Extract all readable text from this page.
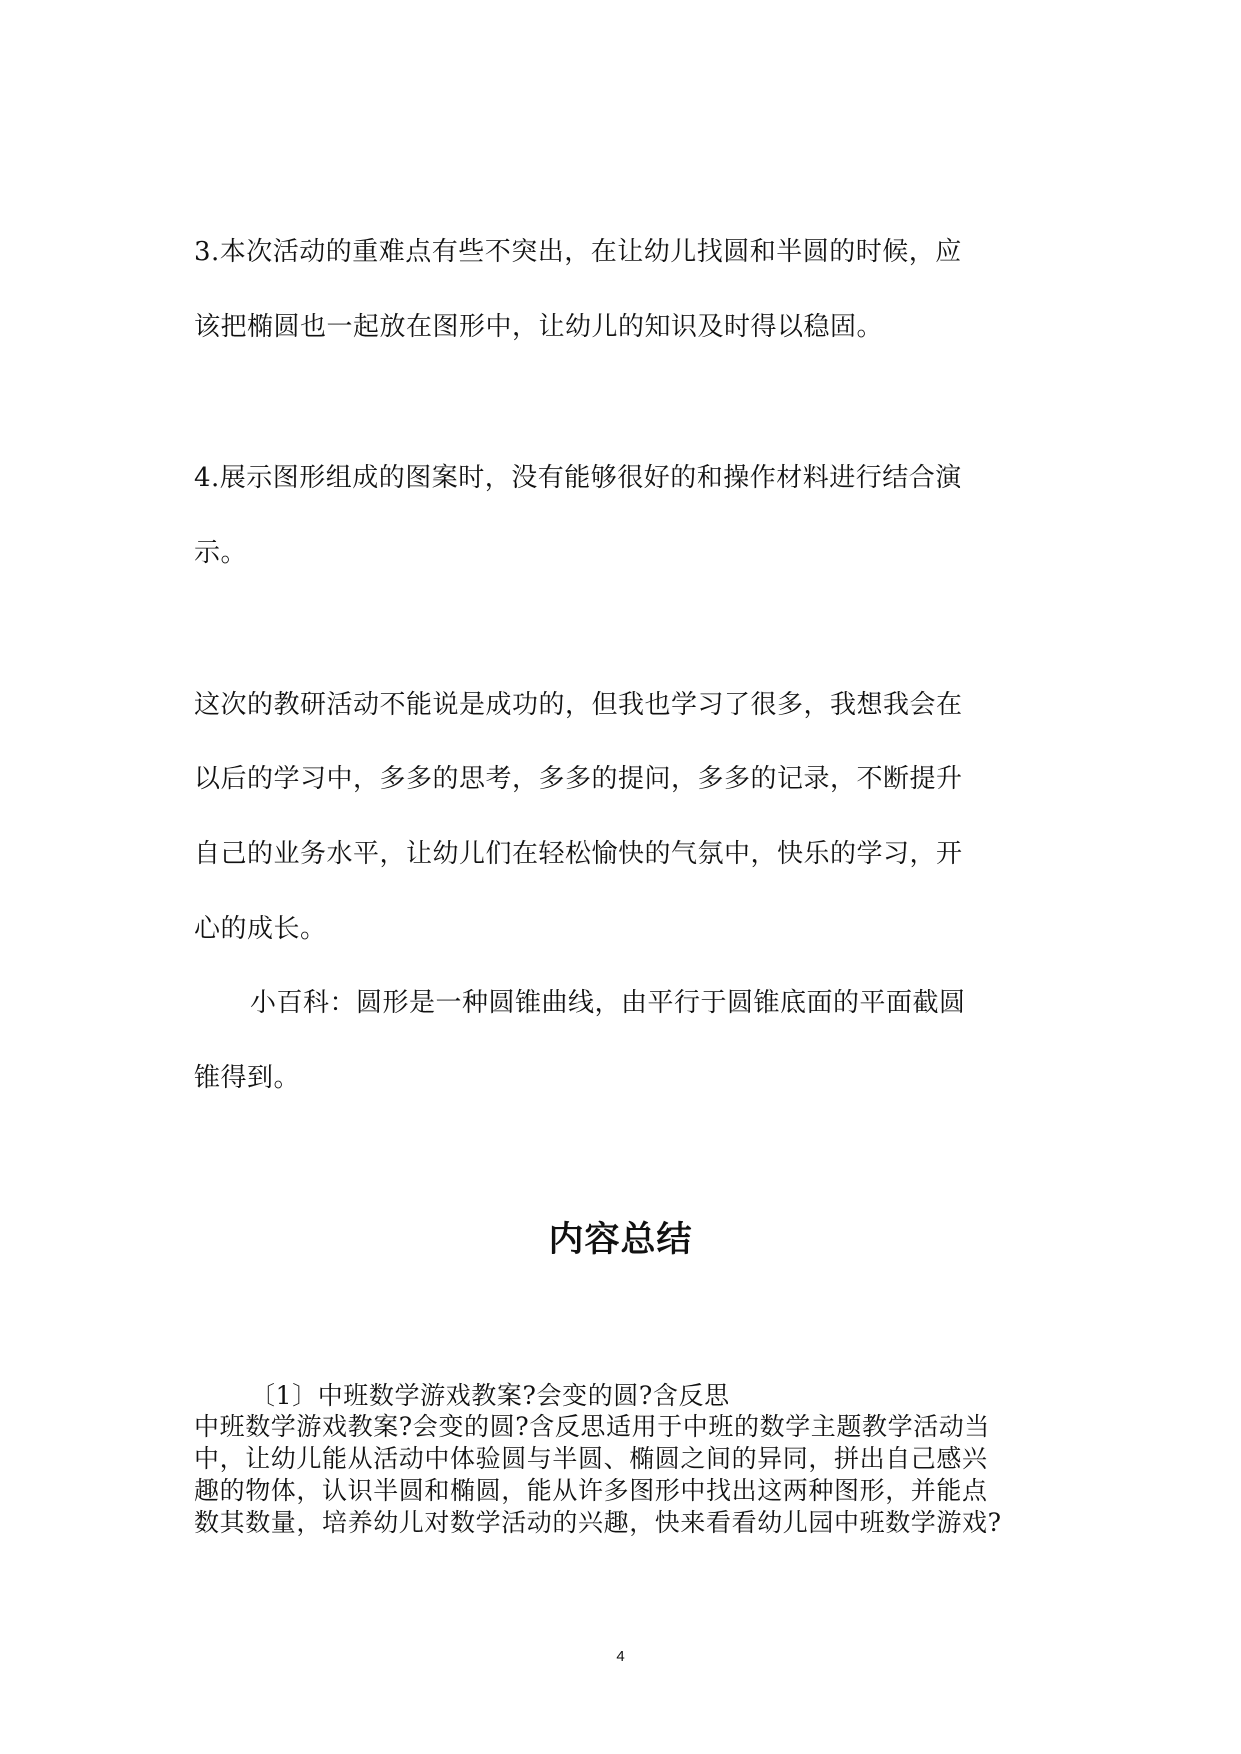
3.本次活动的重难点有些不突出，在让幼儿找圆和半圆的时候，应
该把椭圆也一起放在图形中，让幼儿的知识及时得以稳固。
4.展示图形组成的图案时，没有能够很好的和操作材料进行结合演
示。
这次的教研活动不能说是成功的，但我也学习了很多，我想我会在
以后的学习中，多多的思考，多多的提问，多多的记录，不断提升
自己的业务水平，让幼儿们在轻松愉快的气氛中，快乐的学习，开
心的成长。
小百科：圆形是一种圆锥曲线，由平行于圆锥底面的平面截圆
锥得到。
内容总结
〔1〕中班数学游戏教案?会变的圆?含反思
中班数学游戏教案?会变的圆?含反思适用于中班的数学主题教学活动当
中，让幼儿能从活动中体验圆与半圆、椭圆之间的异同，拼出自己感兴
趣的物体，认识半圆和椭圆，能从许多图形中找出这两种图形，并能点
数其数量，培养幼儿对数学活动的兴趣，快来看看幼儿园中班数学游戏?
4
